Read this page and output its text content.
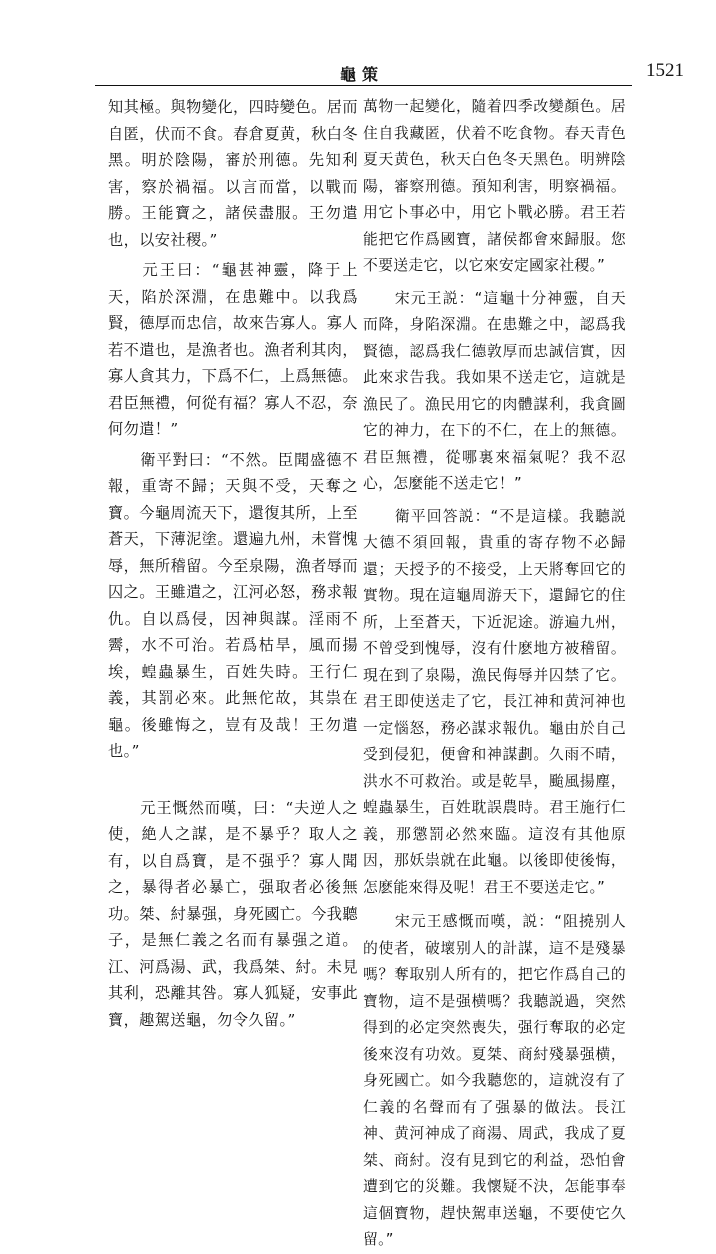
龜策	1521

知其極。與物變化，四時變色。居而自匿，伏而不食。春倉夏黄，秋白冬黑。明於陰陽，審於刑德。先知利害，察於禍福。以言而當，以戰而勝。王能寶之，諸侯盡服。王勿遣也，以安社稷。”

　　元王曰：“龜甚神靈，降于上天，陷於深淵，在患難中。以我爲賢，德厚而忠信，故來告寡人。寡人若不遣也，是漁者也。漁者利其肉，寡人貪其力，下爲不仁，上爲無德。君臣無禮，何從有福？寡人不忍，奈何勿遣！”

　　衛平對曰：“不然。臣聞盛德不報，重寄不歸；天與不受，天奪之寶。今龜周流天下，還復其所，上至蒼天，下薄泥塗。還遍九州，未嘗愧辱，無所稽留。今至泉陽，漁者辱而囚之。王雖遣之，江河必怒，務求報仇。自以爲侵，因神與謀。淫雨不霽，水不可治。若爲枯旱，風而揚埃，蝗蟲暴生，百姓失時。王行仁義，其罰必來。此無佗故，其祟在龜。後雖悔之，豈有及哉！王勿遣也。”

　　元王慨然而嘆，曰：“夫逆人之使，絶人之謀，是不暴乎？取人之有，以自爲寶，是不强乎？寡人聞之，暴得者必暴亡，强取者必後無功。桀、紂暴强，身死國亡。今我聽子，是無仁義之名而有暴强之道。江、河爲湯、武，我爲桀、紂。未見其利，恐離其咎。寡人狐疑，安事此寶，趣駕送龜，勿令久留。”

萬物一起變化，隨着四季改變顏色。居住自我藏匿，伏着不吃食物。春天青色夏天黄色，秋天白色冬天黑色。明辨陰陽，審察刑德。預知利害，明察禍福。用它卜事必中，用它卜戰必勝。君王若能把它作爲國寶，諸侯都會來歸服。您不要送走它，以它來安定國家社稷。”

　　宋元王説：“這龜十分神靈，自天而降，身陷深淵。在患難之中，認爲我賢德，認爲我仁德敦厚而忠誠信實，因此來求告我。我如果不送走它，這就是漁民了。漁民用它的肉體謀利，我貪圖它的神力，在下的不仁，在上的無德。君臣無禮，從哪裏來福氣呢？我不忍心，怎麼能不送走它！”

　　衛平回答説：“不是這樣。我聽説大德不須回報，貴重的寄存物不必歸還；天授予的不接受，上天將奪回它的實物。現在這龜周游天下，還歸它的住所，上至蒼天，下近泥途。游遍九州，不曾受到愧辱，沒有什麽地方被稽留。現在到了泉陽，漁民侮辱并囚禁了它。君王即使送走了它，長江神和黄河神也一定惱怒，務必謀求報仇。龜由於自己受到侵犯，便會和神謀劃。久雨不晴，洪水不可救治。或是乾旱，颱風揚塵，蝗蟲暴生，百姓耽誤農時。君王施行仁義，那懲罰必然來臨。這沒有其他原因，那妖祟就在此龜。以後即使後悔，怎麽能來得及呢！君王不要送走它。”

　　宋元王感慨而嘆，説：“阻撓别人的使者，破壞别人的計謀，這不是殘暴嗎？奪取别人所有的，把它作爲自己的寶物，這不是强横嗎？我聽説過，突然得到的必定突然喪失，强行奪取的必定後來沒有功效。夏桀、商紂殘暴强横，身死國亡。如今我聽您的，這就沒有了仁義的名聲而有了强暴的做法。長江神、黄河神成了商湯、周武，我成了夏桀、商紂。沒有見到它的利益，恐怕會遭到它的災難。我懷疑不決，怎能事奉這個寶物，趕快駕車送龜，不要使它久留。”
